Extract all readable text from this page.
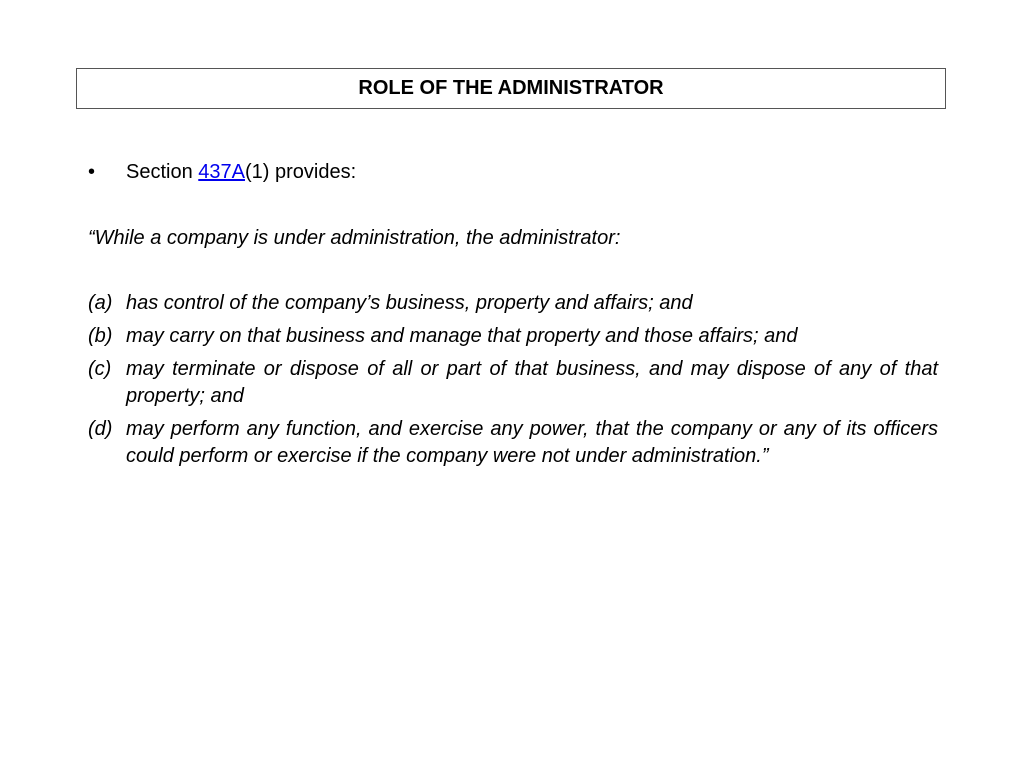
ROLE OF THE ADMINISTRATOR
• Section 437A(1) provides:
“While a company is under administration, the administrator:
(a) has control of the company’s business, property and affairs; and
(b) may carry on that business and manage that property and those affairs; and
(c) may terminate or dispose of all or part of that business, and may dispose of any of that property; and
(d) may perform any function, and exercise any power, that the company or any of its officers could perform or exercise if the company were not under administration.”
